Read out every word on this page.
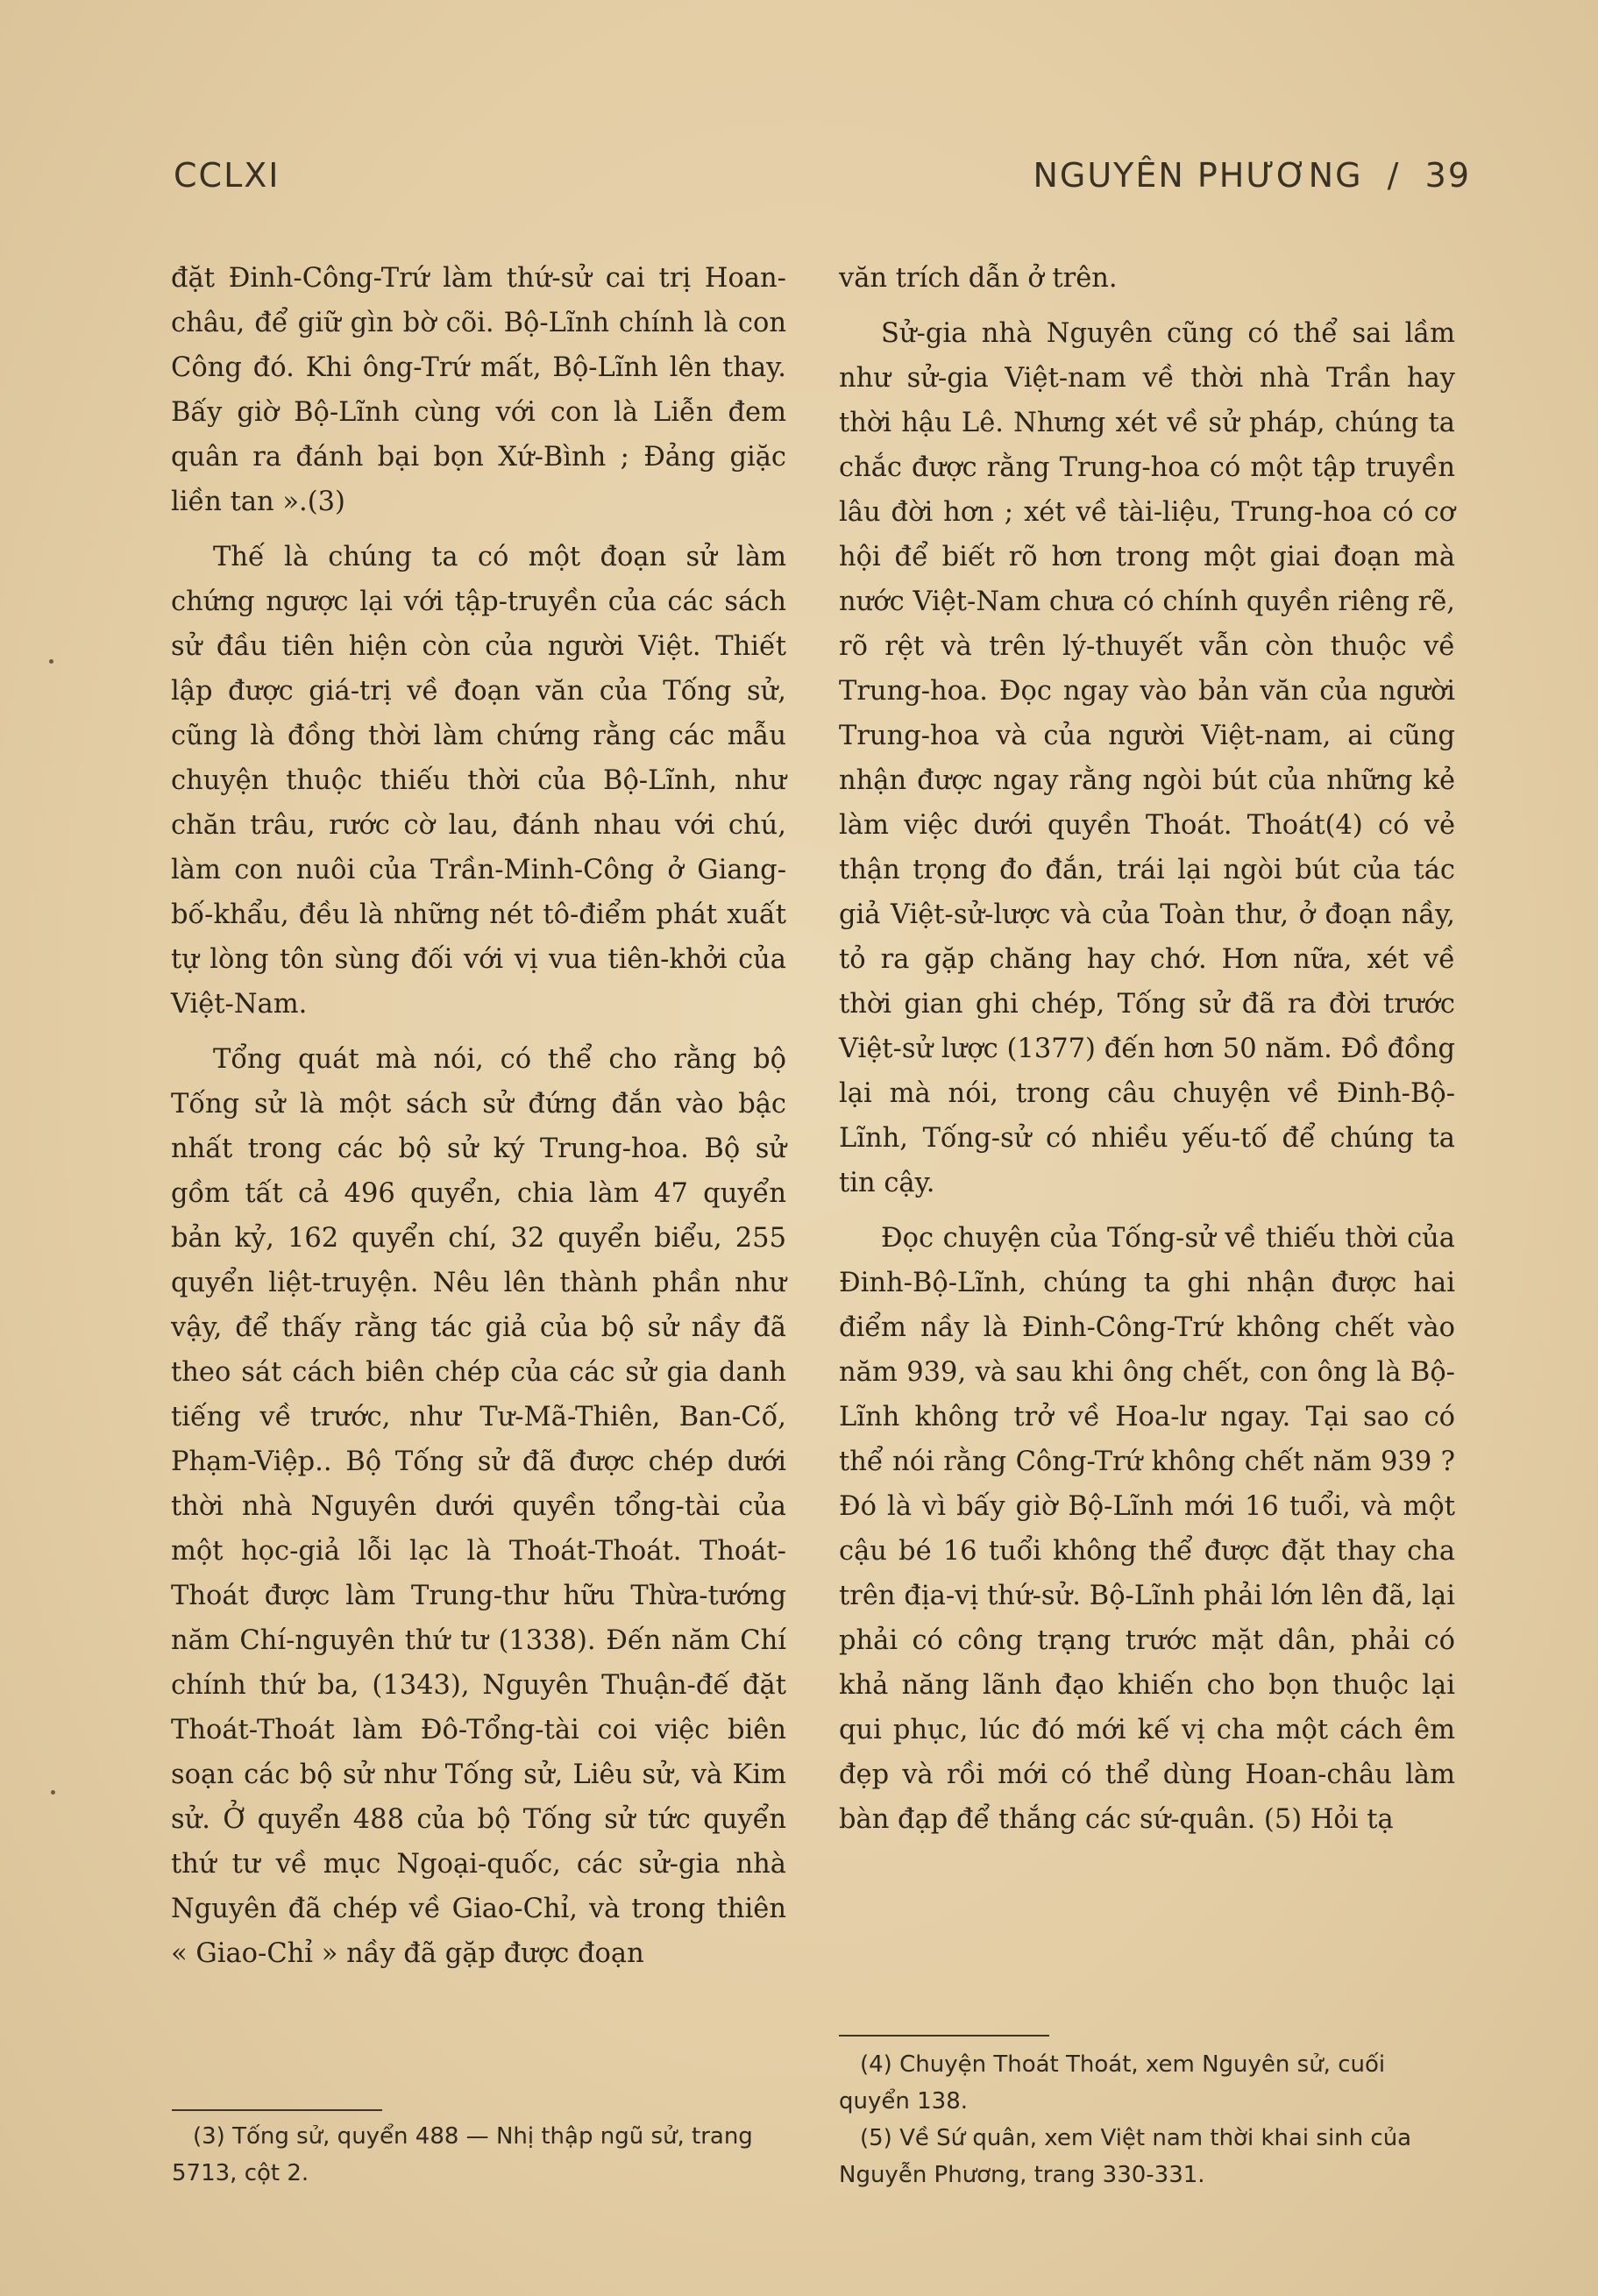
CCLXI	NGUYÊN PHƯƠNG  /  39

đặt Đinh-Công-Trứ làm thứ-sử cai trị Hoan-châu, để giữ gìn bờ cõi. Bộ-Lĩnh chính là con Công đó. Khi ông-Trứ mất, Bộ-Lĩnh lên thay. Bấy giờ Bộ-Lĩnh cùng với con là Liễn đem quân ra đánh bại bọn Xứ-Bình ; Đảng giặc liền tan ».(3)

Thế là chúng ta có một đoạn sử làm chứng ngược lại với tập-truyền của các sách sử đầu tiên hiện còn của người Việt. Thiết lập được giá-trị về đoạn văn của Tống sử, cũng là đồng thời làm chứng rằng các mẫu chuyện thuộc thiếu thời của Bộ-Lĩnh, như chăn trâu, rước cờ lau, đánh nhau với chú, làm con nuôi của Trần-Minh-Công ở Giang-bố-khẩu, đều là những nét tô-điểm phát xuất tự lòng tôn sùng đối với vị vua tiên-khởi của Việt-Nam.

Tổng quát mà nói, có thể cho rằng bộ Tống sử là một sách sử đứng đắn vào bậc nhất trong các bộ sử ký Trung-hoa. Bộ sử gồm tất cả 496 quyển, chia làm 47 quyển bản kỷ, 162 quyển chí, 32 quyển biểu, 255 quyển liệt-truyện. Nêu lên thành phần như vậy, để thấy rằng tác giả của bộ sử nầy đã theo sát cách biên chép của các sử gia danh tiếng về trước, như Tư-Mã-Thiên, Ban-Cố, Phạm-Việp.. Bộ Tống sử đã được chép dưới thời nhà Nguyên dưới quyền tổng-tài của một học-giả lỗi lạc là Thoát-Thoát. Thoát-Thoát được làm Trung-thư hữu Thừa-tướng năm Chí-nguyên thứ tư (1338). Đến năm Chí chính thứ ba, (1343), Nguyên Thuận-đế đặt Thoát-Thoát làm Đô-Tổng-tài coi việc biên soạn các bộ sử như Tống sử, Liêu sử, và Kim sử. Ở quyển 488 của bộ Tống sử tức quyển thứ tư về mục Ngoại-quốc, các sử-gia nhà Nguyên đã chép về Giao-Chỉ, và trong thiên « Giao-Chỉ » nầy đã gặp được đoạn

(3) Tống sử, quyển 488 — Nhị thập ngũ sử, trang 5713, cột 2.

văn trích dẫn ở trên.

Sử-gia nhà Nguyên cũng có thể sai lầm như sử-gia Việt-nam về thời nhà Trần hay thời hậu Lê. Nhưng xét về sử pháp, chúng ta chắc được rằng Trung-hoa có một tập truyền lâu đời hơn ; xét về tài-liệu, Trung-hoa có cơ hội để biết rõ hơn trong một giai đoạn mà nước Việt-Nam chưa có chính quyền riêng rẽ, rõ rệt và trên lý-thuyết vẫn còn thuộc về Trung-hoa. Đọc ngay vào bản văn của người Trung-hoa và của người Việt-nam, ai cũng nhận được ngay rằng ngòi bút của những kẻ làm việc dưới quyền Thoát. Thoát(4) có vẻ thận trọng đo đắn, trái lại ngòi bút của tác giả Việt-sử-lược và của Toàn thư, ở đoạn nầy, tỏ ra gặp chăng hay chớ. Hơn nữa, xét về thời gian ghi chép, Tống sử đã ra đời trước Việt-sử lược (1377) đến hơn 50 năm. Đồ đồng lại mà nói, trong câu chuyện về Đinh-Bộ-Lĩnh, Tống-sử có nhiều yếu-tố để chúng ta tin cậy.

Đọc chuyện của Tống-sử về thiếu thời của Đinh-Bộ-Lĩnh, chúng ta ghi nhận được hai điểm nầy là Đinh-Công-Trứ không chết vào năm 939, và sau khi ông chết, con ông là Bộ-Lĩnh không trở về Hoa-lư ngay. Tại sao có thể nói rằng Công-Trứ không chết năm 939 ? Đó là vì bấy giờ Bộ-Lĩnh mới 16 tuổi, và một cậu bé 16 tuổi không thể được đặt thay cha trên địa-vị thứ-sử. Bộ-Lĩnh phải lớn lên đã, lại phải có công trạng trước mặt dân, phải có khả năng lãnh đạo khiến cho bọn thuộc lại qui phục, lúc đó mới kế vị cha một cách êm đẹp và rồi mới có thể dùng Hoan-châu làm bàn đạp để thắng các sứ-quân. (5) Hỏi tạ

(4) Chuyện Thoát Thoát, xem Nguyên sử, cuối quyển 138.

(5) Về Sứ quân, xem Việt nam thời khai sinh của Nguyễn Phương, trang 330-331.
